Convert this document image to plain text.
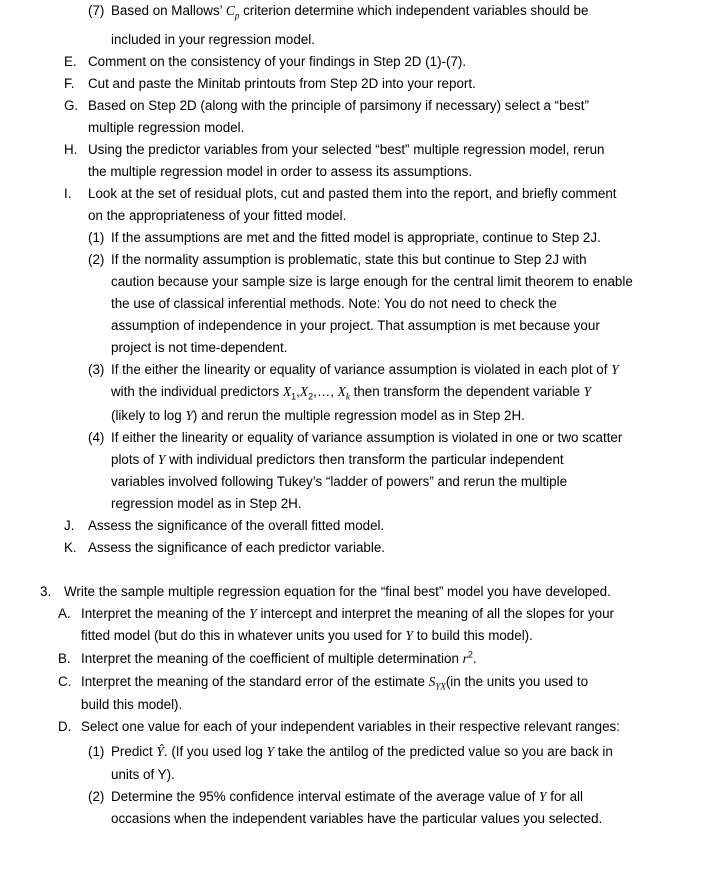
(7) Based on Mallows’ $C_p$ criterion determine which independent variables should be
included in your regression model.
E. Comment on the consistency of your findings in Step 2D (1)-(7).
F. Cut and paste the Minitab printouts from Step 2D into your report.
G. Based on Step 2D (along with the principle of parsimony if necessary) select a “best”
multiple regression model.
H. Using the predictor variables from your selected “best” multiple regression model, rerun
the multiple regression model in order to assess its assumptions.
I. Look at the set of residual plots, cut and pasted them into the report, and briefly comment
on the appropriateness of your fitted model.
(1) If the assumptions are met and the fitted model is appropriate, continue to Step 2J.
(2) If the normality assumption is problematic, state this but continue to Step 2J with
caution because your sample size is large enough for the central limit theorem to enable
the use of classical inferential methods. Note: You do not need to check the
assumption of independence in your project. That assumption is met because your
project is not time-dependent.
(3) If the either the linearity or equality of variance assumption is violated in each plot of Y
with the individual predictors $X_1,X_2,\dots$, $X_k$ then transform the dependent variable Y
(likely to log Y) and rerun the multiple regression model as in Step 2H.
(4) If either the linearity or equality of variance assumption is violated in one or two scatter
plots of Y with individual predictors then transform the particular independent
variables involved following Tukey’s “ladder of powers” and rerun the multiple
regression model as in Step 2H.
J. Assess the significance of the overall fitted model.
K. Assess the significance of each predictor variable.
3. Write the sample multiple regression equation for the “final best” model you have developed.
A. Interpret the meaning of the Y intercept and interpret the meaning of all the slopes for your
fitted model (but do this in whatever units you used for Y to build this model).
B. Interpret the meaning of the coefficient of multiple determination $r^2$.
C. Interpret the meaning of the standard error of the estimate $S_{YX}(in$ the units you used to
build this model).
D. Select one value for each of your independent variables in their respective relevant ranges:
(1) Predict Ŷ. (If you used log Y take the antilog of the predicted value so you are back in
units of Y).
(2) Determine the 95% confidence interval estimate of the average value of Y for all
occasions when the independent variables have the particular values you selected.
